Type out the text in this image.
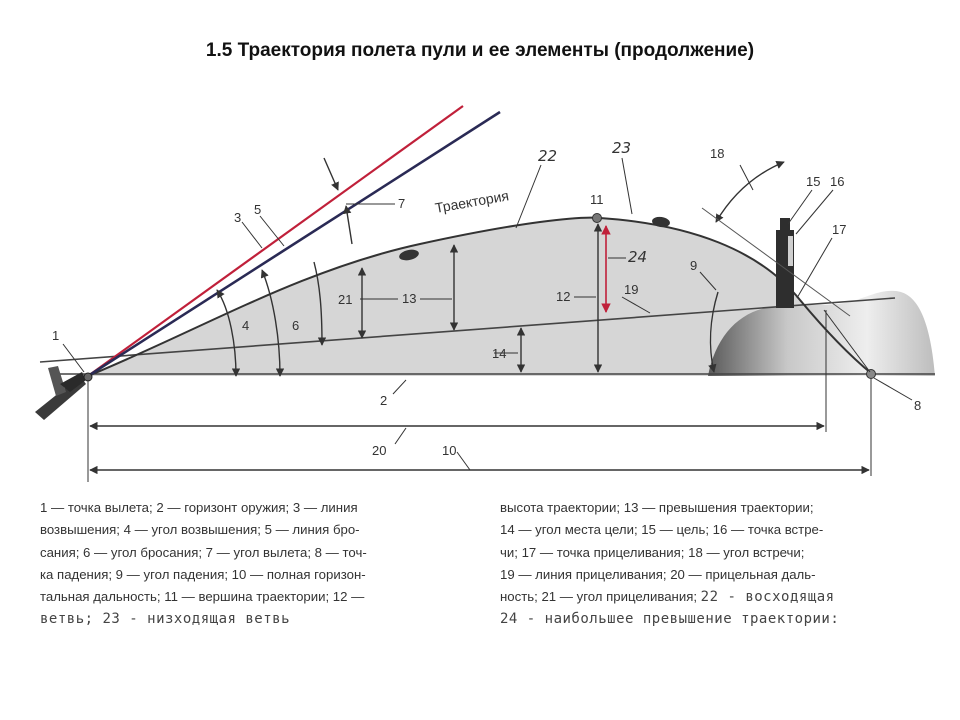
1.5 Траектория полета пули и ее элементы (продолжение)
1
2
3
5
4	6
7
21	13
14
12	19
24
11
22	23
Траектория
9
18
15 16
17
8
20	10
1 — точка вылета; 2 — горизонт оружия; 3 — линия
возвышения; 4 — угол возвышения; 5 — линия бро-
сания; 6 — угол бросания; 7 — угол вылета; 8 — точ-
ка падения; 9 — угол падения; 10 — полная горизон-
тальная дальность; 11 — вершина траектории; 12 —
ветвь; 23 - низходящая ветвь
высота траектории; 13 — превышения траектории;
14 — угол места цели; 15 — цель; 16 — точка встре-
чи; 17 — точка прицеливания; 18 — угол встречи;
19 — линия прицеливания; 20 — прицельная даль-
ность; 21 — угол прицеливания; 22 - восходящая
24 - наибольшее превышение траектории:
